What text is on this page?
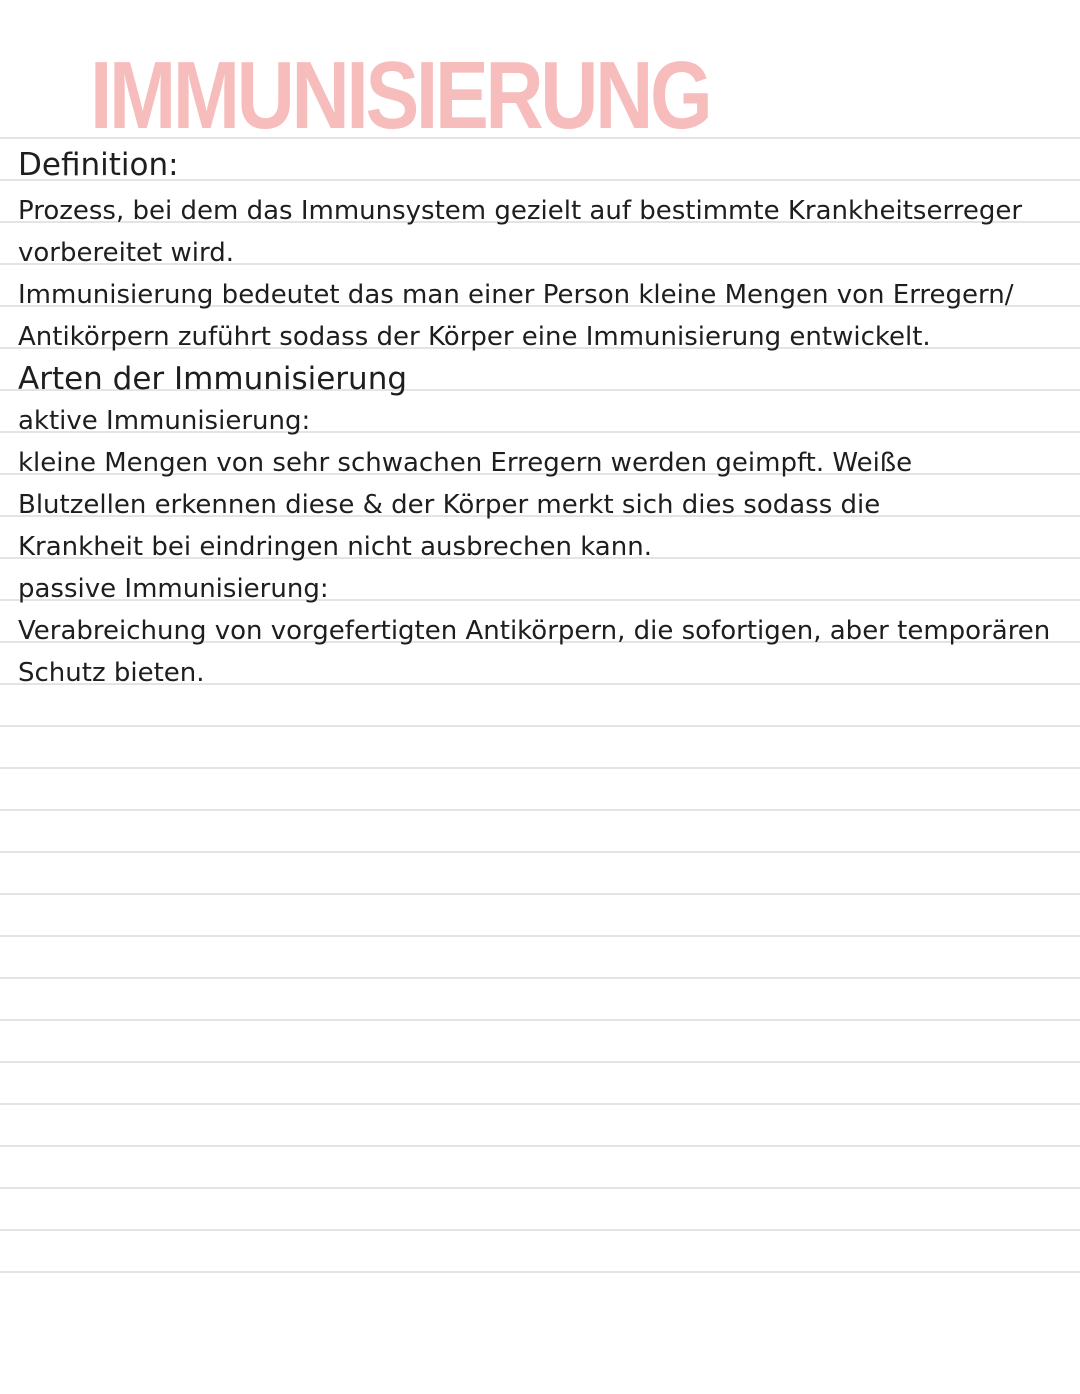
IMMUNISIERUNG
Definition:
Prozess, bei dem das Immunsystem gezielt auf bestimmte Krankheitserreger
vorbereitet wird.
Immunisierung bedeutet das man einer Person kleine Mengen von Erregern/
Antikörpern zuführt sodass der Körper eine Immunisierung entwickelt.
Arten der Immunisierung
aktive Immunisierung:
kleine Mengen von sehr schwachen Erregern werden geimpft. Weiße
Blutzellen erkennen diese & der Körper merkt sich dies sodass die
Krankheit bei eindringen nicht ausbrechen kann.
passive Immunisierung:
Verabreichung von vorgefertigten Antikörpern, die sofortigen, aber temporären
Schutz bieten.
